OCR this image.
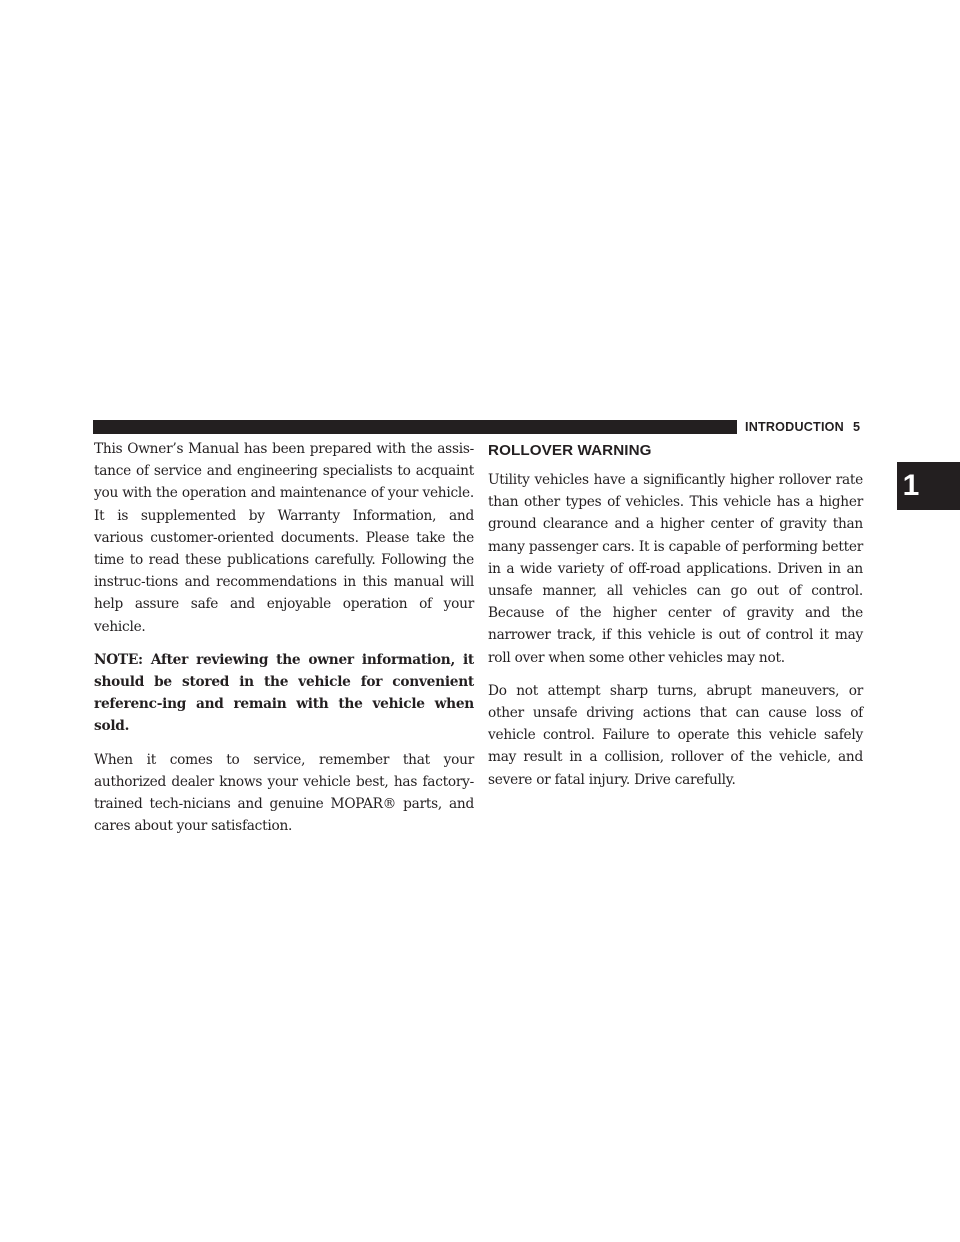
INTRODUCTION 5
1

This Owner’s Manual has been prepared with the assis-tance of service and engineering specialists to acquaint you with the operation and maintenance of your vehicle. It is supplemented by Warranty Information, and various customer-oriented documents. Please take the time to read these publications carefully. Following the instruc-tions and recommendations in this manual will help assure safe and enjoyable operation of your vehicle.

NOTE: After reviewing the owner information, it should be stored in the vehicle for convenient referenc-ing and remain with the vehicle when sold.

When it comes to service, remember that your authorized dealer knows your vehicle best, has factory-trained tech-nicians and genuine MOPAR® parts, and cares about your satisfaction.

ROLLOVER WARNING

Utility vehicles have a significantly higher rollover rate than other types of vehicles. This vehicle has a higher ground clearance and a higher center of gravity than many passenger cars. It is capable of performing better in a wide variety of off-road applications. Driven in an unsafe manner, all vehicles can go out of control. Because of the higher center of gravity and the narrower track, if this vehicle is out of control it may roll over when some other vehicles may not.

Do not attempt sharp turns, abrupt maneuvers, or other unsafe driving actions that can cause loss of vehicle control. Failure to operate this vehicle safely may result in a collision, rollover of the vehicle, and severe or fatal injury. Drive carefully.
